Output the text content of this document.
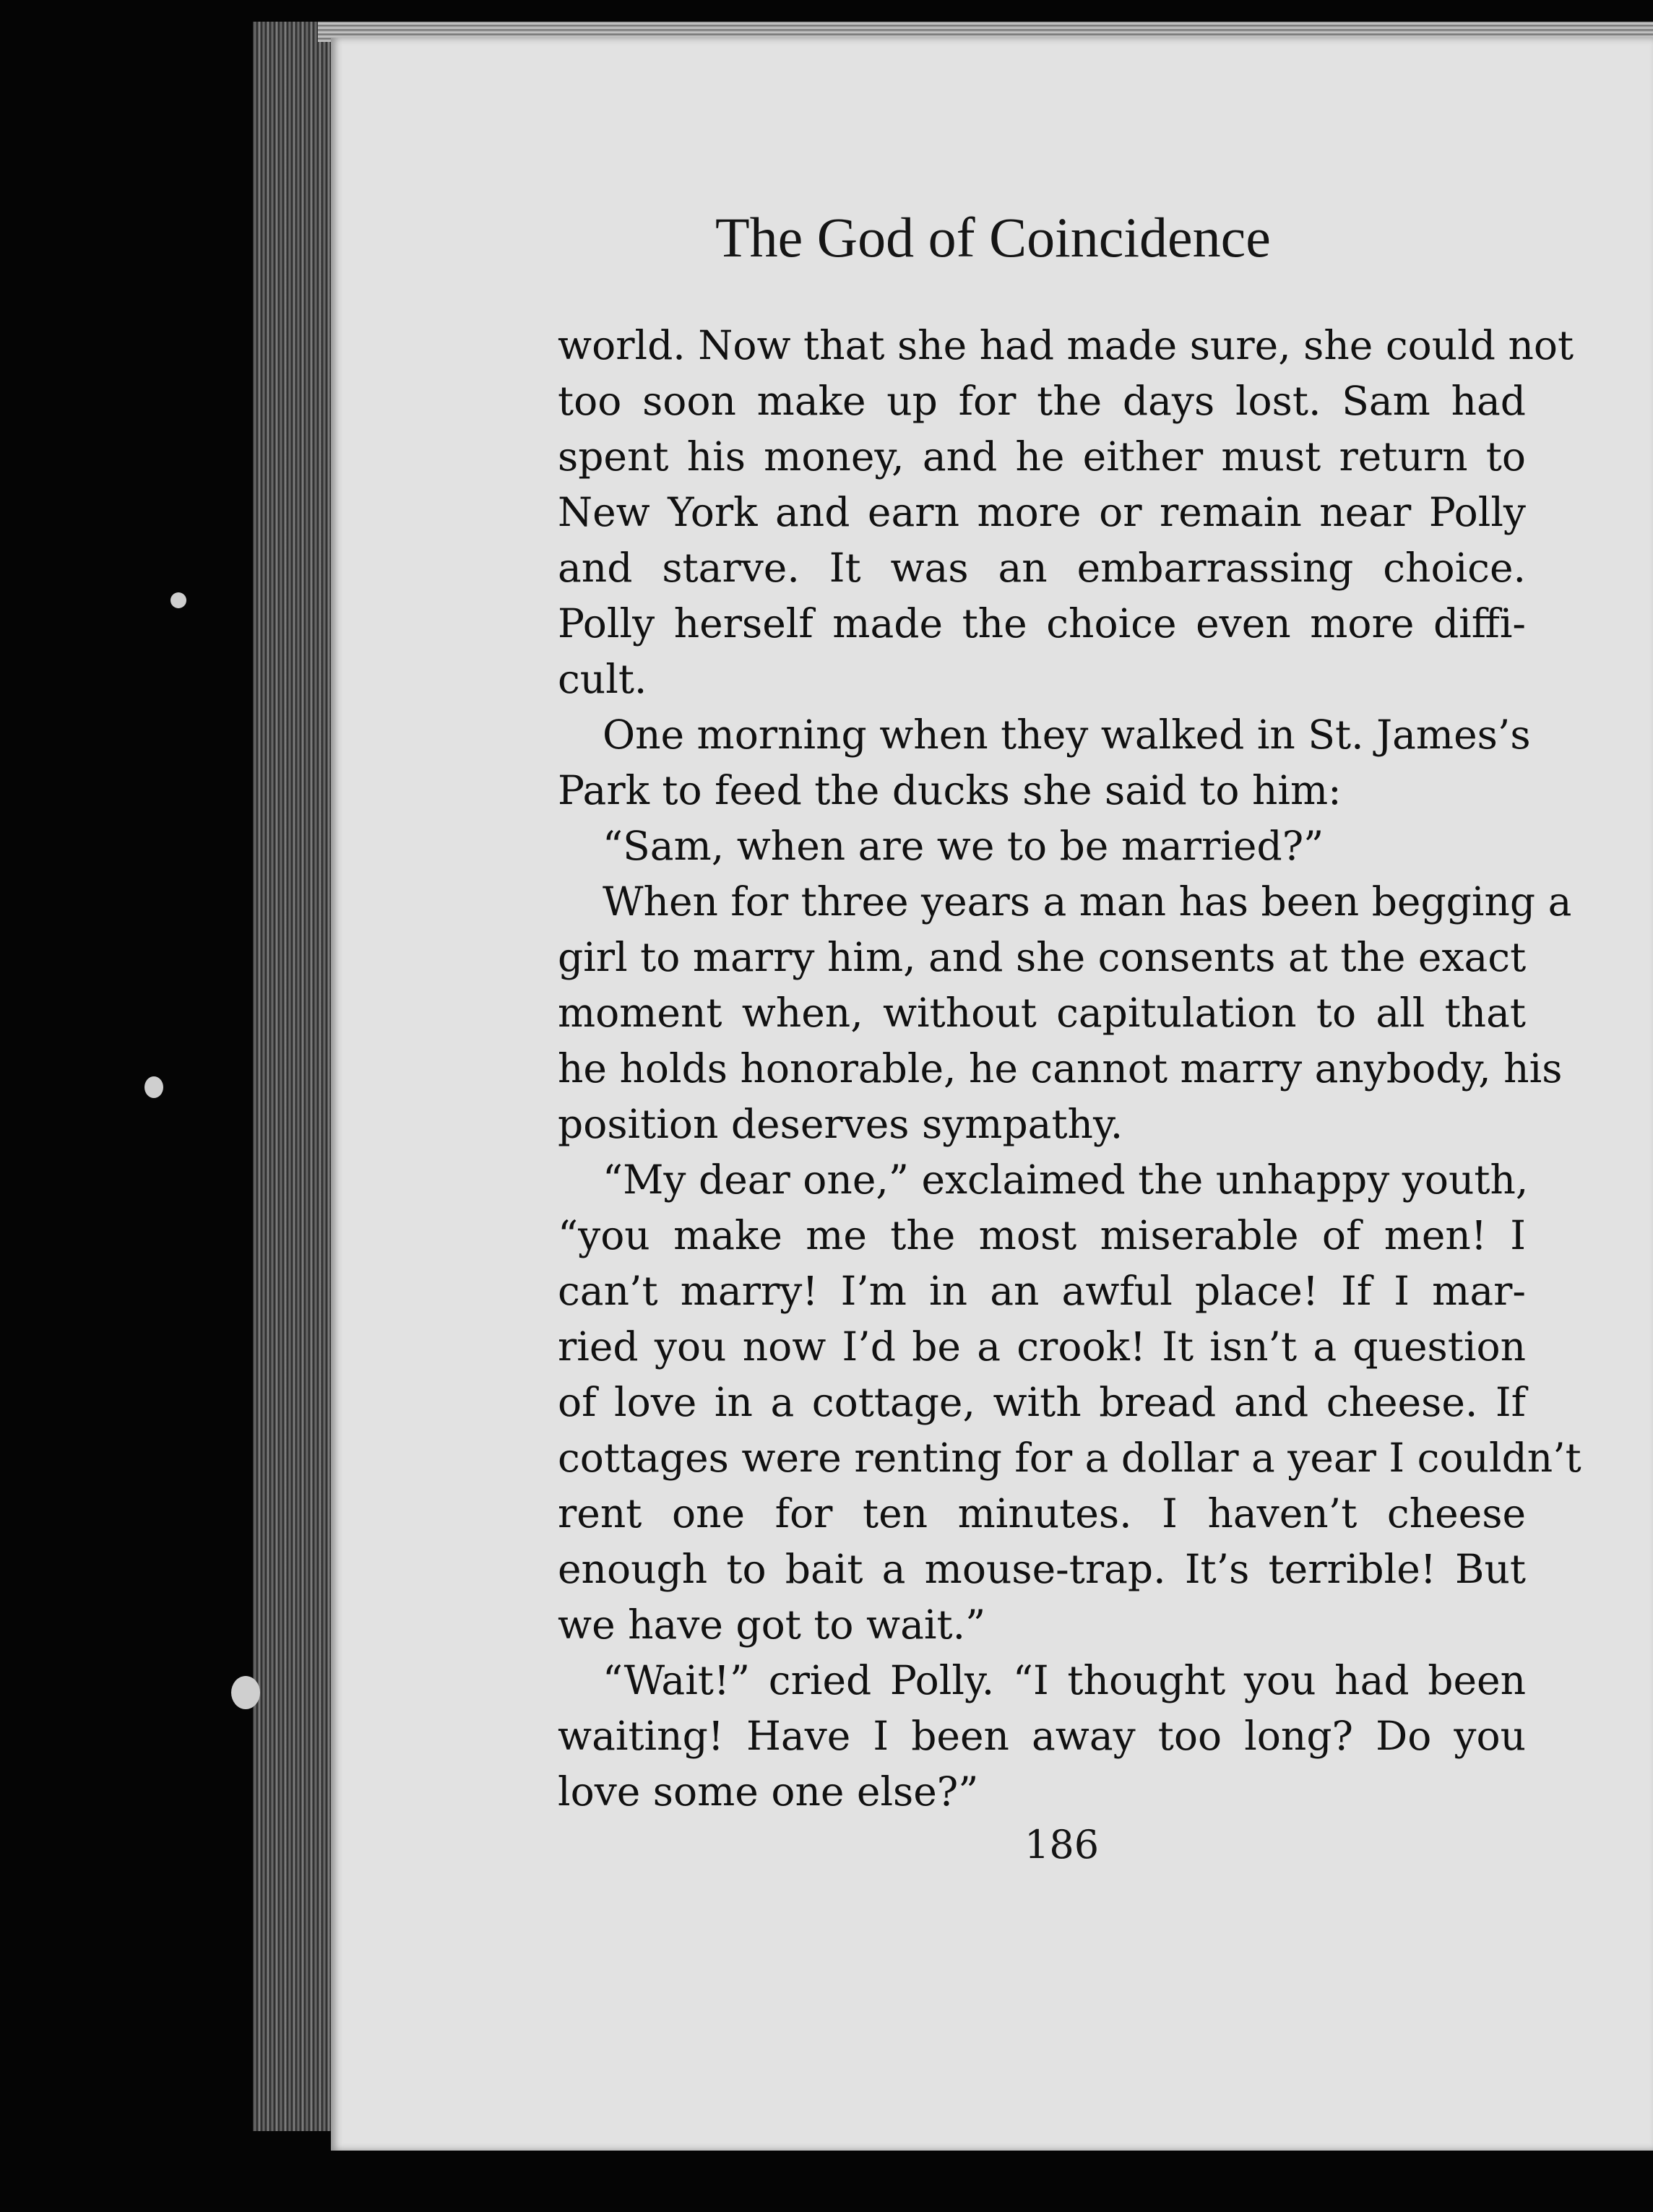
The God of Coincidence
world. Now that she had made sure, she could not
too soon make up for the days lost. Sam had
spent his money, and he either must return to
New York and earn more or remain near Polly
and starve. It was an embarrassing choice.
Polly herself made the choice even more diffi-
cult.
One morning when they walked in St. James’s
Park to feed the ducks she said to him:
“Sam, when are we to be married?”
When for three years a man has been begging a
girl to marry him, and she consents at the exact
moment when, without capitulation to all that
he holds honorable, he cannot marry anybody, his
position deserves sympathy.
“My dear one,” exclaimed the unhappy youth,
“you make me the most miserable of men! I
can’t marry! I’m in an awful place! If I mar-
ried you now I’d be a crook! It isn’t a question
of love in a cottage, with bread and cheese. If
cottages were renting for a dollar a year I couldn’t
rent one for ten minutes. I haven’t cheese
enough to bait a mouse-trap. It’s terrible! But
we have got to wait.”
“Wait!” cried Polly. “I thought you had been
waiting! Have I been away too long? Do you
love some one else?”
186
